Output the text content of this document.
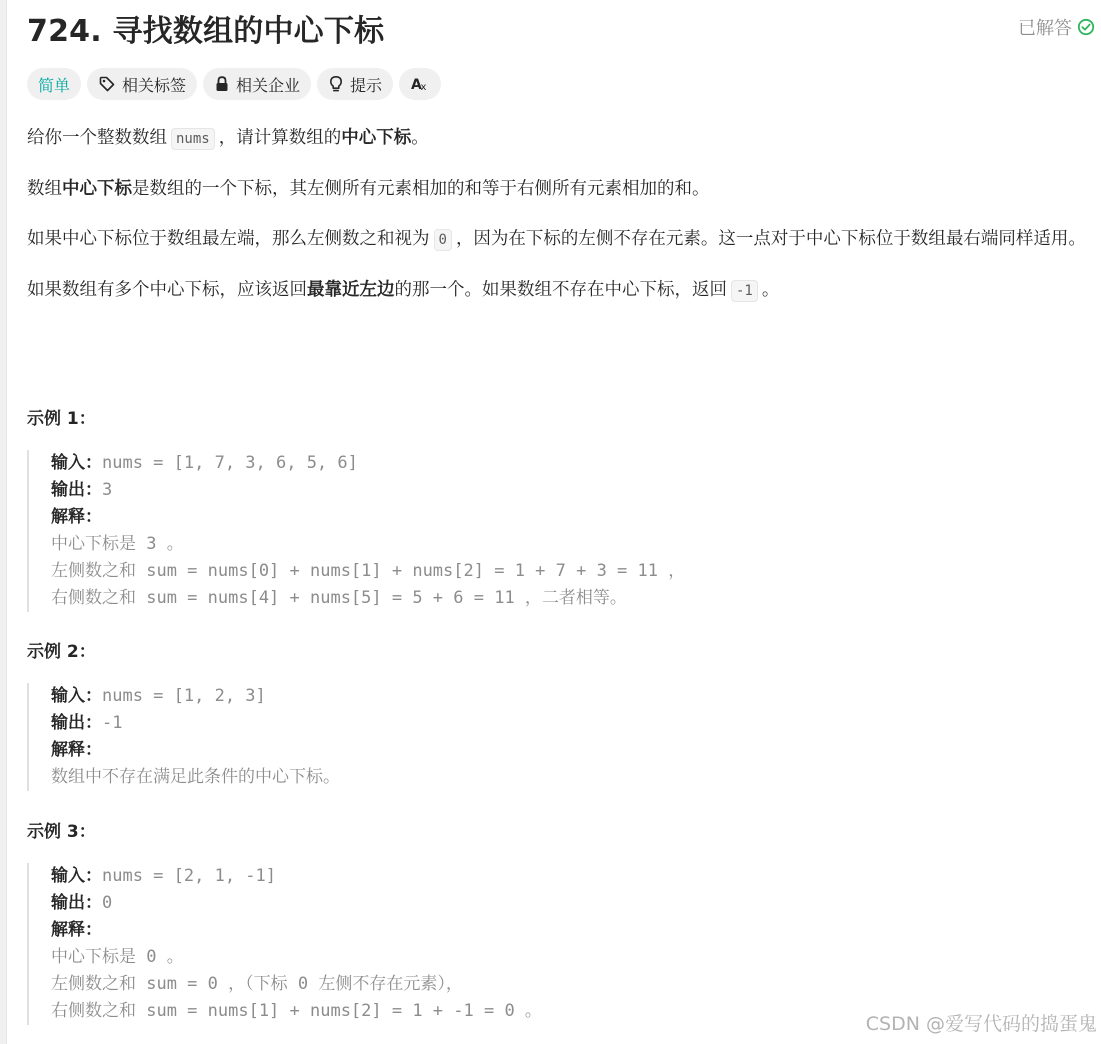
724. 寻找数组的中心下标	已解答
简单	相关标签	相关企业	提示 A
x

给你一个整数数组 nums ，请计算数组的中心下标。

数组中心下标是数组的一个下标，其左侧所有元素相加的和等于右侧所有元素相加的和。

如果中心下标位于数组最左端，那么左侧数之和视为 0 ，因为在下标的左侧不存在元素。这一点对于中心下标位于数组最右端同样适用。

如果数组有多个中心下标，应该返回最靠近左边的那一个。如果数组不存在中心下标，返回 -1 。

示例 1：
输入：nums = [1, 7, 3, 6, 5, 6]
输出：3
解释：
中心下标是 3 。
左侧数之和 sum = nums[0] + nums[1] + nums[2] = 1 + 7 + 3 = 11 ，
右侧数之和 sum = nums[4] + nums[5] = 5 + 6 = 11 ，二者相等。
示例 2：
输入：nums = [1, 2, 3]
输出：-1
解释：
数组中不存在满足此条件的中心下标。
示例 3：
输入：nums = [2, 1, -1]
输出：0
解释：
中心下标是 0 。
左侧数之和 sum = 0 ，（下标 0 左侧不存在元素），
右侧数之和 sum = nums[1] + nums[2] = 1 + -1 = 0 。
CSDN @爱写代码的捣蛋鬼
